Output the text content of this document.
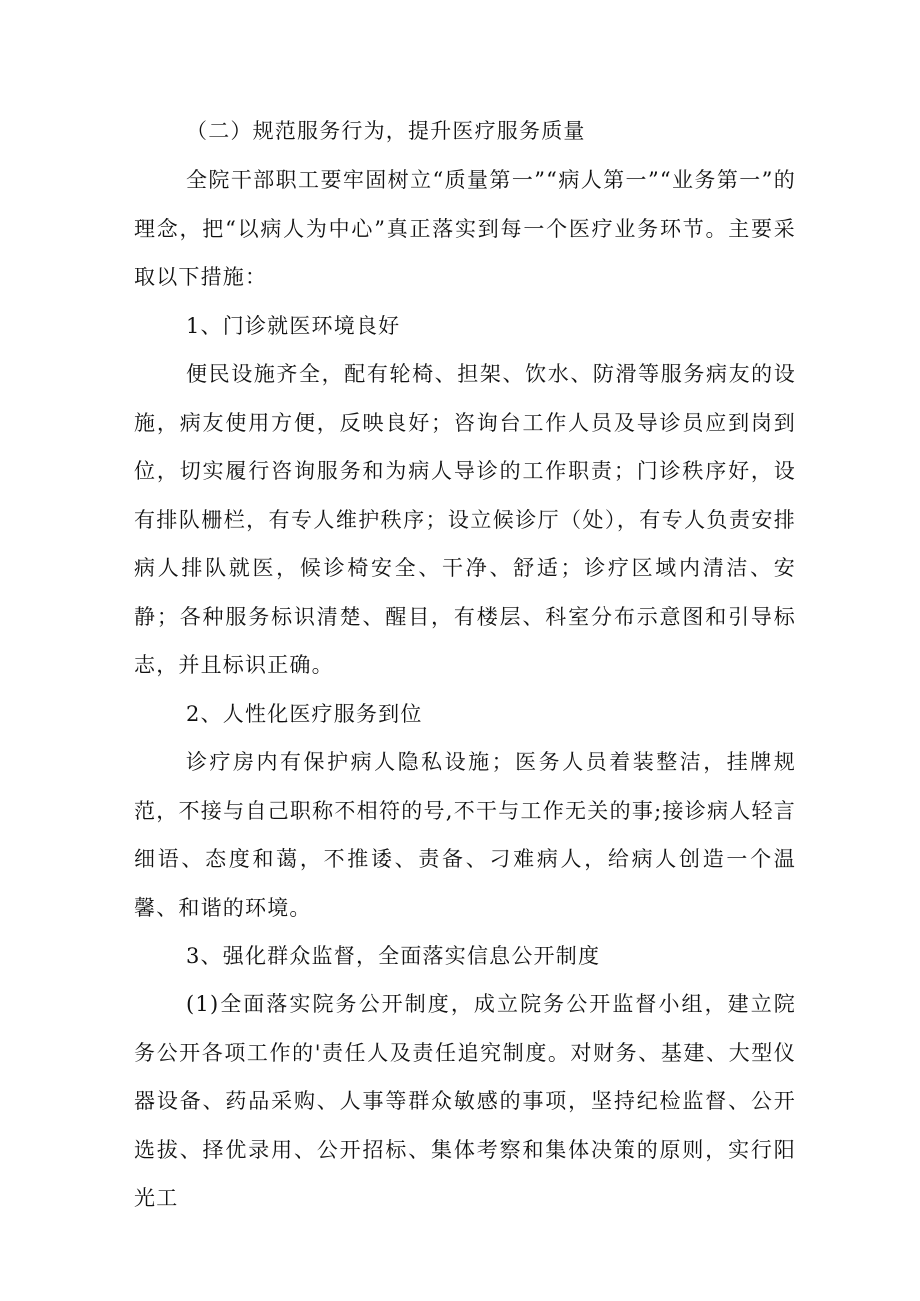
（二）规范服务行为，提升医疗服务质量

全院干部职工要牢固树立“质量第一”“病人第一”“业务第一”的理念，把“以病人为中心”真正落实到每一个医疗业务环节。主要采取以下措施：

1、门诊就医环境良好

便民设施齐全，配有轮椅、担架、饮水、防滑等服务病友的设施，病友使用方便，反映良好；咨询台工作人员及导诊员应到岗到位，切实履行咨询服务和为病人导诊的工作职责；门诊秩序好，设有排队栅栏，有专人维护秩序；设立候诊厅（处），有专人负责安排病人排队就医，候诊椅安全、干净、舒适；诊疗区域内清洁、安静；各种服务标识清楚、醒目，有楼层、科室分布示意图和引导标志，并且标识正确。

2、人性化医疗服务到位

诊疗房内有保护病人隐私设施；医务人员着装整洁，挂牌规范，不接与自己职称不相符的号,不干与工作无关的事;接诊病人轻言细语、态度和蔼，不推诿、责备、刁难病人，给病人创造一个温馨、和谐的环境。

3、强化群众监督，全面落实信息公开制度

(1)全面落实院务公开制度，成立院务公开监督小组，建立院务公开各项工作的'责任人及责任追究制度。对财务、基建、大型仪器设备、药品采购、人事等群众敏感的事项，坚持纪检监督、公开选拔、择优录用、公开招标、集体考察和集体决策的原则，实行阳光工
